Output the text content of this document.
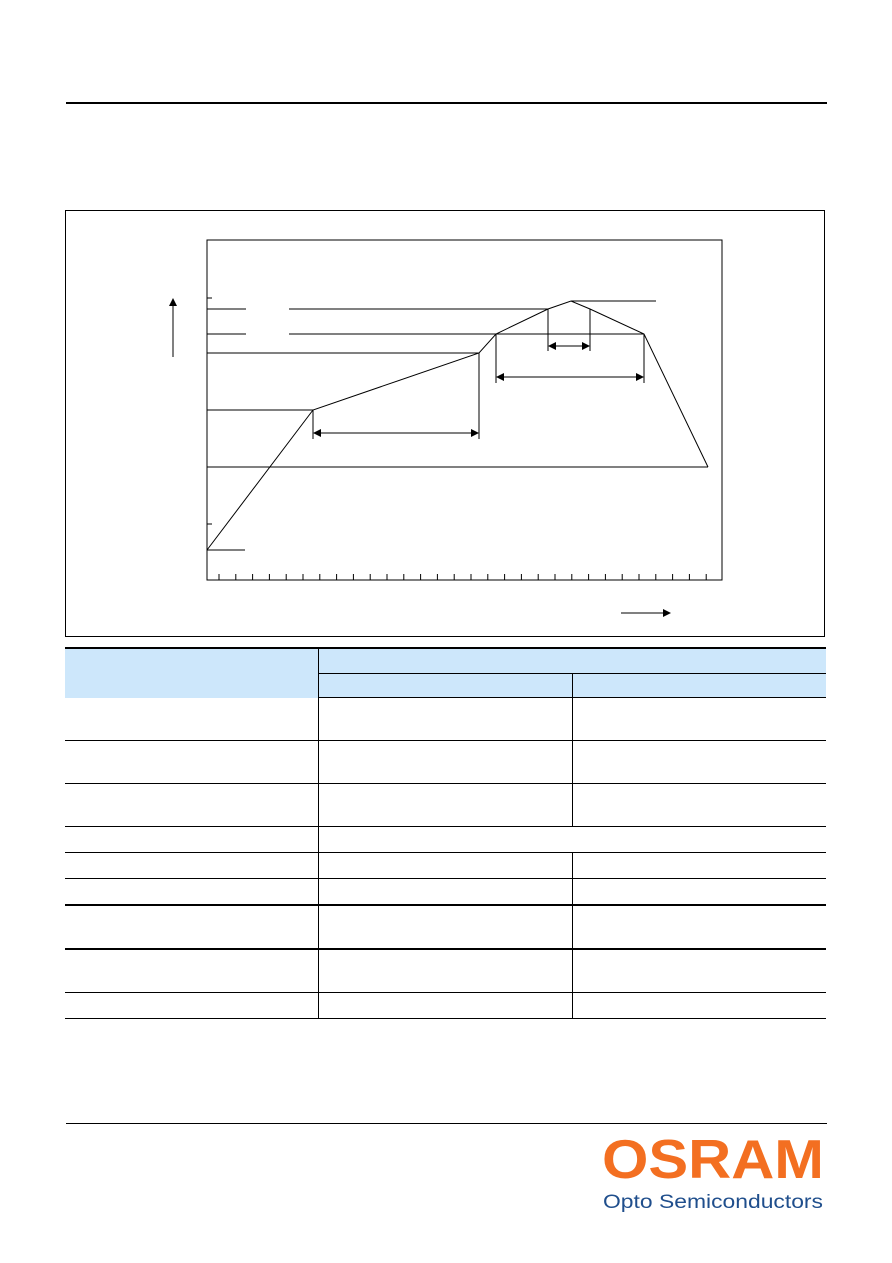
OSRAM
Opto Semiconductors
